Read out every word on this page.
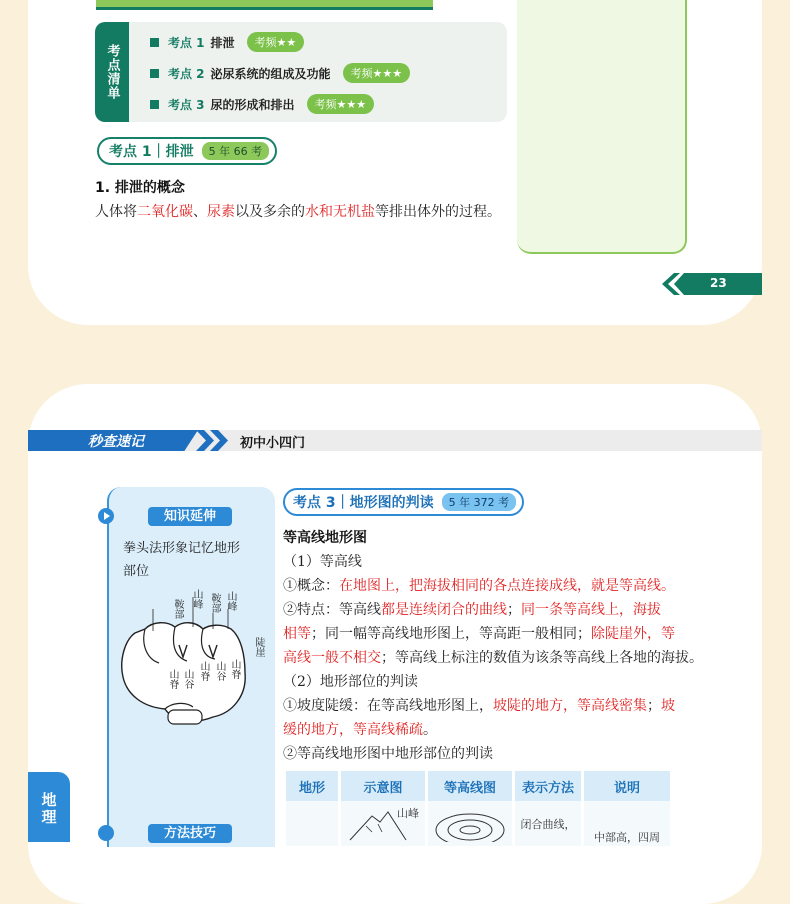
考点清单
考点 1 排泄	考频★★
考点 2 泌尿系统的组成及功能	考频★★★
考点 3 尿的形成和排出	考频★★★
考点 1｜排泄	5 年 66 考
1. 排泄的概念
人体将二氧化碳、尿素以及多余的水和无机盐等排出体外的过程。
23
秒查速记	初中小四门
知识延伸
拳头法形象记忆地形
部位
山峰
鞍部	鞍部 山峰
陡崖
山脊 山谷 山脊 山谷 山脊
方法技巧
地理
考点 3｜地形图的判读	5 年 372 考
等高线地形图
（1）等高线
①概念：在地图上，把海拔相同的各点连接成线，就是等高线。
②特点：等高线都是连续闭合的曲线；同一条等高线上，海拔
相等；同一幅等高线地形图上，等高距一般相同；除陡崖外，等
高线一般不相交；等高线上标注的数值为该条等高线上各地的海拔。
（2）地形部位的判读
①坡度陡缓：在等高线地形图上，坡陡的地方，等高线密集；坡
缓的地方，等高线稀疏。
②等高线地形图中地形部位的判读
地形	示意图	等高线图	表示方法	说明

	山峰		闭合曲线，	中部高，四周
